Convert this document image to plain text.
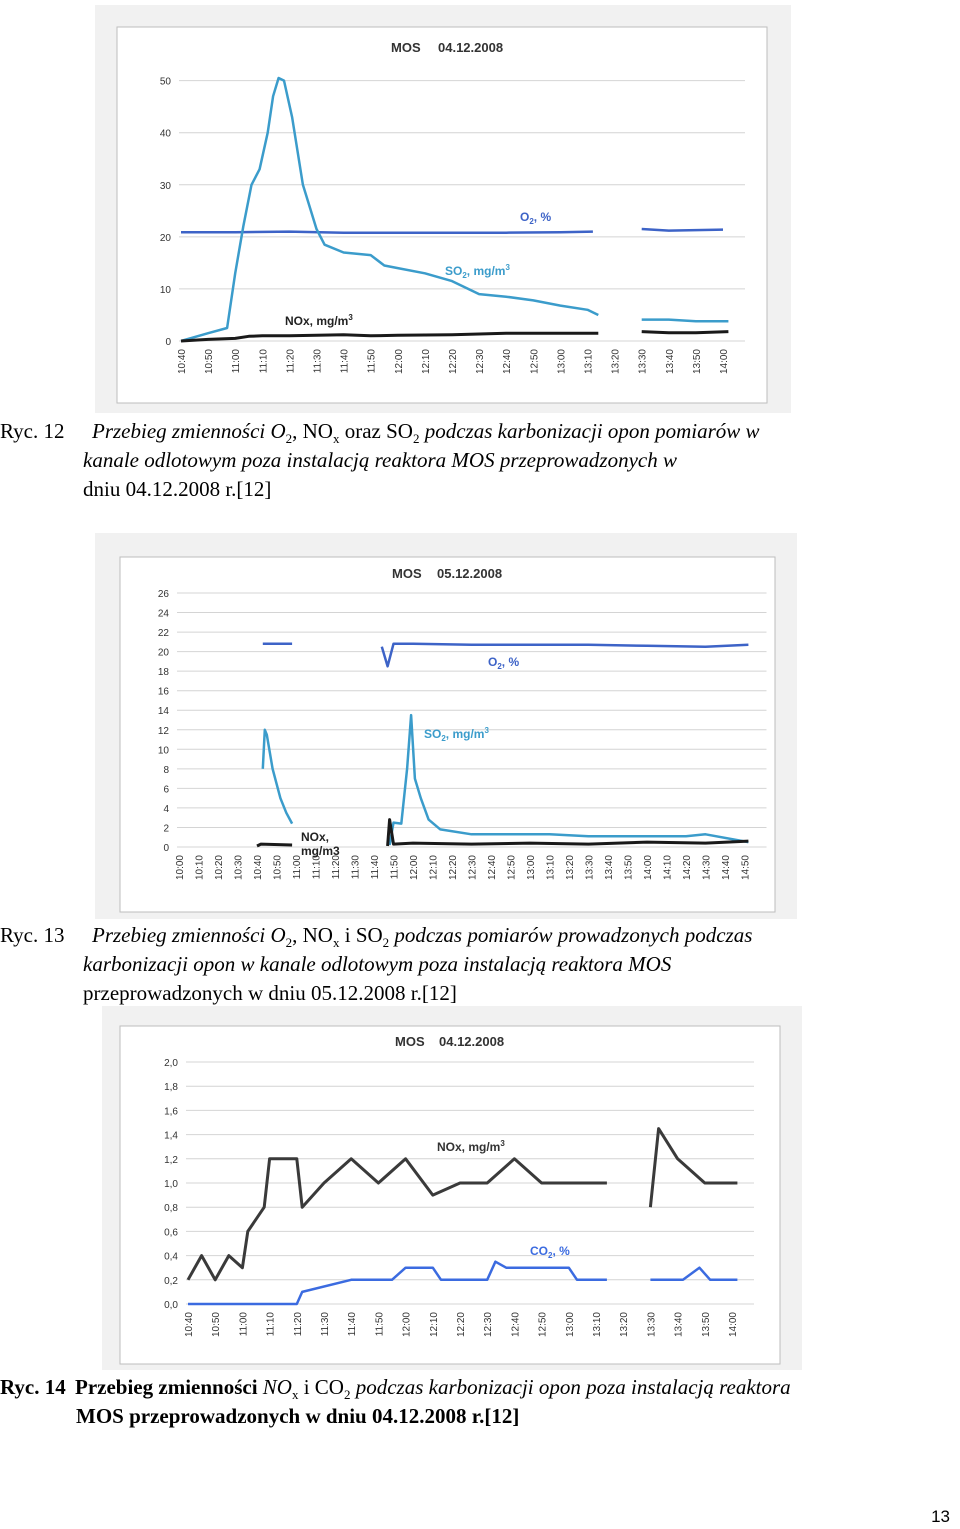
MOS 04.12.2008
0
10
20
30
40
50
10:40 10:50 11:00 11:10 11:20 11:30 11:40 11:50 12:00 12:10 12:20 12:30 12:40 12:50 13:00 13:10 13:20 13:30 13:40 13:50 14:00
$O_2$, %
$SO_2$, $mg/m^3$
NOx, $mg/m^3$
Ryc. 12 Przebieg zmienności $O_2$, $NO_x$ oraz $SO_2$ podczas karbonizacji opon pomiarów w
kanale odlotowym poza instalacją reaktora MOS przeprowadzonych w
dniu 04.12.2008 r.[12]
MOS 05.12.2008
0
2
4
6
8
10
12
14
16
18
20
22
24
26
10:00 10:10 10:20 10:30 10:40 10:50 11:00 11:10 11:20 11:30 11:40 11:50 12:00 12:10 12:20 12:30 12:40 12:50 13:00 13:10 13:20 13:30 13:40 13:50 14:00 14:10 14:20 14:30 14:40 14:50
$O_2$, %
$SO_2$, $mg/m^3$
NOx,
mg/m3
Ryc. 13 Przebieg zmienności $O_2$, $NO_x$ i $SO_2$ podczas pomiarów prowadzonych podczas
karbonizacji opon w kanale odlotowym poza instalacją reaktora MOS
przeprowadzonych w dniu 05.12.2008 r.[12]
MOS 04.12.2008
0,0
0,2
0,4
0,6
0,8
1,0
1,2
1,4
1,6
1,8
2,0
10:40 10:50 11:00 11:10 11:20 11:30 11:40 11:50 12:00 12:10 12:20 12:30 12:40 12:50 13:00 13:10 13:20 13:30 13:40 13:50 14:00
NOx, $mg/m^3$
$CO_2$, %
Ryc. 14 Przebieg zmienności $NO_x$ i $CO_2$ podczas karbonizacji opon poza instalacją reaktora
MOS przeprowadzonych w dniu 04.12.2008 r.[12]
13
